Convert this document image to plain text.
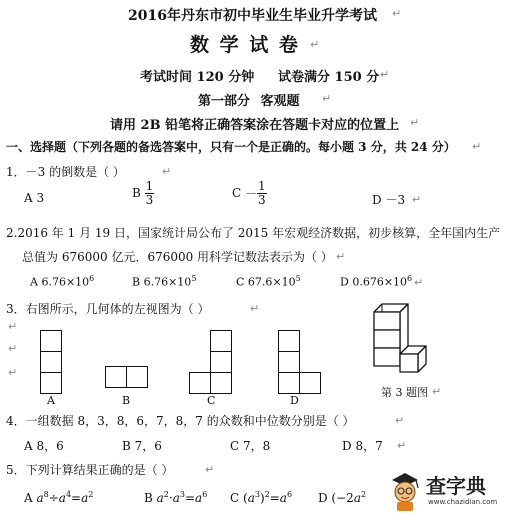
2016年丹东市初中毕业生毕业升学考试 ↵
数 学 试 卷 ↵
考试时间 120 分钟 试卷满分 150 分 ↵
第一部分 客观题 ↵
请用 2B 铅笔将正确答案涂在答题卡对应的位置上 ↵
一、选择题（下列各题的备选答案中，只有一个是正确的。每小题 3 分，共 24 分） ↵
1．－3 的倒数是（ ）	↵
A 3	B $\frac{1}{3}$	$C - \frac{1}{3}$	D －3 ↵
2.2016 年 1 月 19 日，国家统计局公布了 2015 年宏观经济数据，初步核算，全年国内生产
总值为 676000 亿元．676000 用科学记数法表示为（ ） ↵
A $6.76\times 10^6$	B $6.76\times 10^5$	C $67.6\times 10^5$	D $0.676\times 10^6$ ↵
3．右图所示，几何体的左视图为（ ）	↵
↵
↵
↵
A	B	C	D
第 3 题图 ↵
4．一组数据 8，3，8，6，7，8，7 的众数和中位数分别是（ ）	↵
A 8，6	B 7，6	C 7，8	D 8，7 ↵
5．下列计算结果正确的是（ ）	↵
A $a^8\div a^4=a^2$	B $a^2\cdot a^3=a^6$ C $(a^3)^2=a^6$ D ($-2a^2$	查字典
www.chazidian.com
